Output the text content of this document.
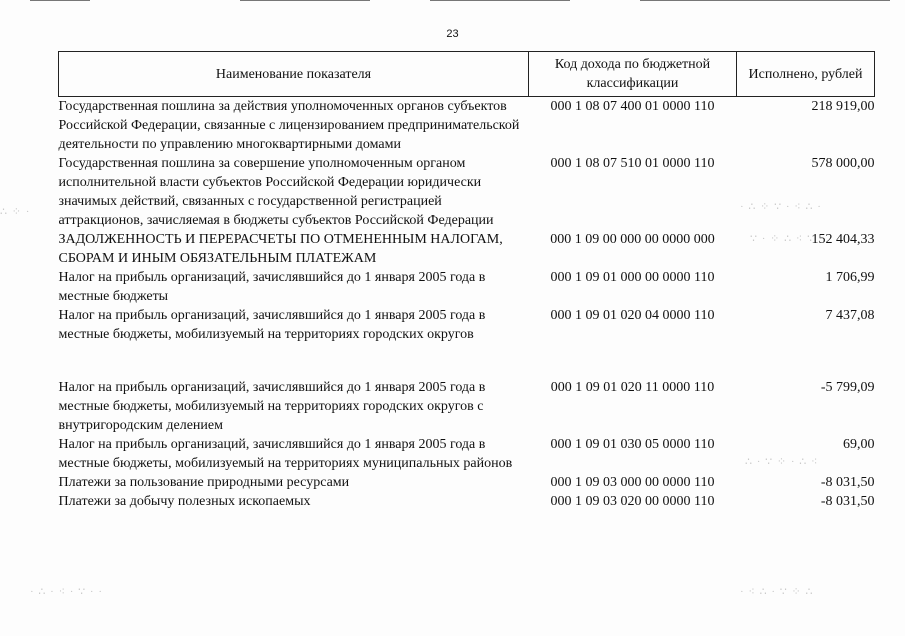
23
Наименование показателя	Код дохода по бюджетной классификации	Исполнено, рублей
Государственная пошлина за действия уполномоченных органов субъектов Российской Федерации, связанные с лицензированием предпринимательской деятельности по управлению многоквартирными домами	000 1 08 07 400 01 0000 110	218 919,00
Государственная пошлина за совершение уполномоченным органом исполнительной власти субъектов Российской Федерации юридически значимых действий, связанных с государственной регистрацией аттракционов, зачисляемая в бюджеты субъектов Российской Федерации	000 1 08 07 510 01 0000 110	578 000,00
ЗАДОЛЖЕННОСТЬ И ПЕРЕРАСЧЕТЫ ПО ОТМЕНЕННЫМ НАЛОГАМ, СБОРАМ И ИНЫМ ОБЯЗАТЕЛЬНЫМ ПЛАТЕЖАМ	000 1 09 00 000 00 0000 000	152 404,33
Налог на прибыль организаций, зачислявшийся до 1 января 2005 года в местные бюджеты	000 1 09 01 000 00 0000 110	1 706,99
Налог на прибыль организаций, зачислявшийся до 1 января 2005 года в местные бюджеты, мобилизуемый на территориях городских округов	000 1 09 01 020 04 0000 110	7 437,08

Налог на прибыль организаций, зачислявшийся до 1 января 2005 года в местные бюджеты, мобилизуемый на территориях городских округов с внутригородским делением	000 1 09 01 020 11 0000 110	-5 799,09
Налог на прибыль организаций, зачислявшийся до 1 января 2005 года в местные бюджеты, мобилизуемый на территориях муниципальных районов	000 1 09 01 030 05 0000 110	69,00
Платежи за пользование природными ресурсами	000 1 09 03 000 00 0000 110	-8 031,50
Платежи за добычу полезных ископаемых	000 1 09 03 020 00 0000 110	-8 031,50
· ∴ ⁘ ∵ · ⁖ ∴ ·
∵ · ⁘ ∴ ⁖ ∵
∴ · ∵ ⁘ · ∴ ⁖
· ⁖ ∴ · ∵ ⁘ ∴
∴ ⁘ ·
· ∴ · ⁖ · ∵ · ·
